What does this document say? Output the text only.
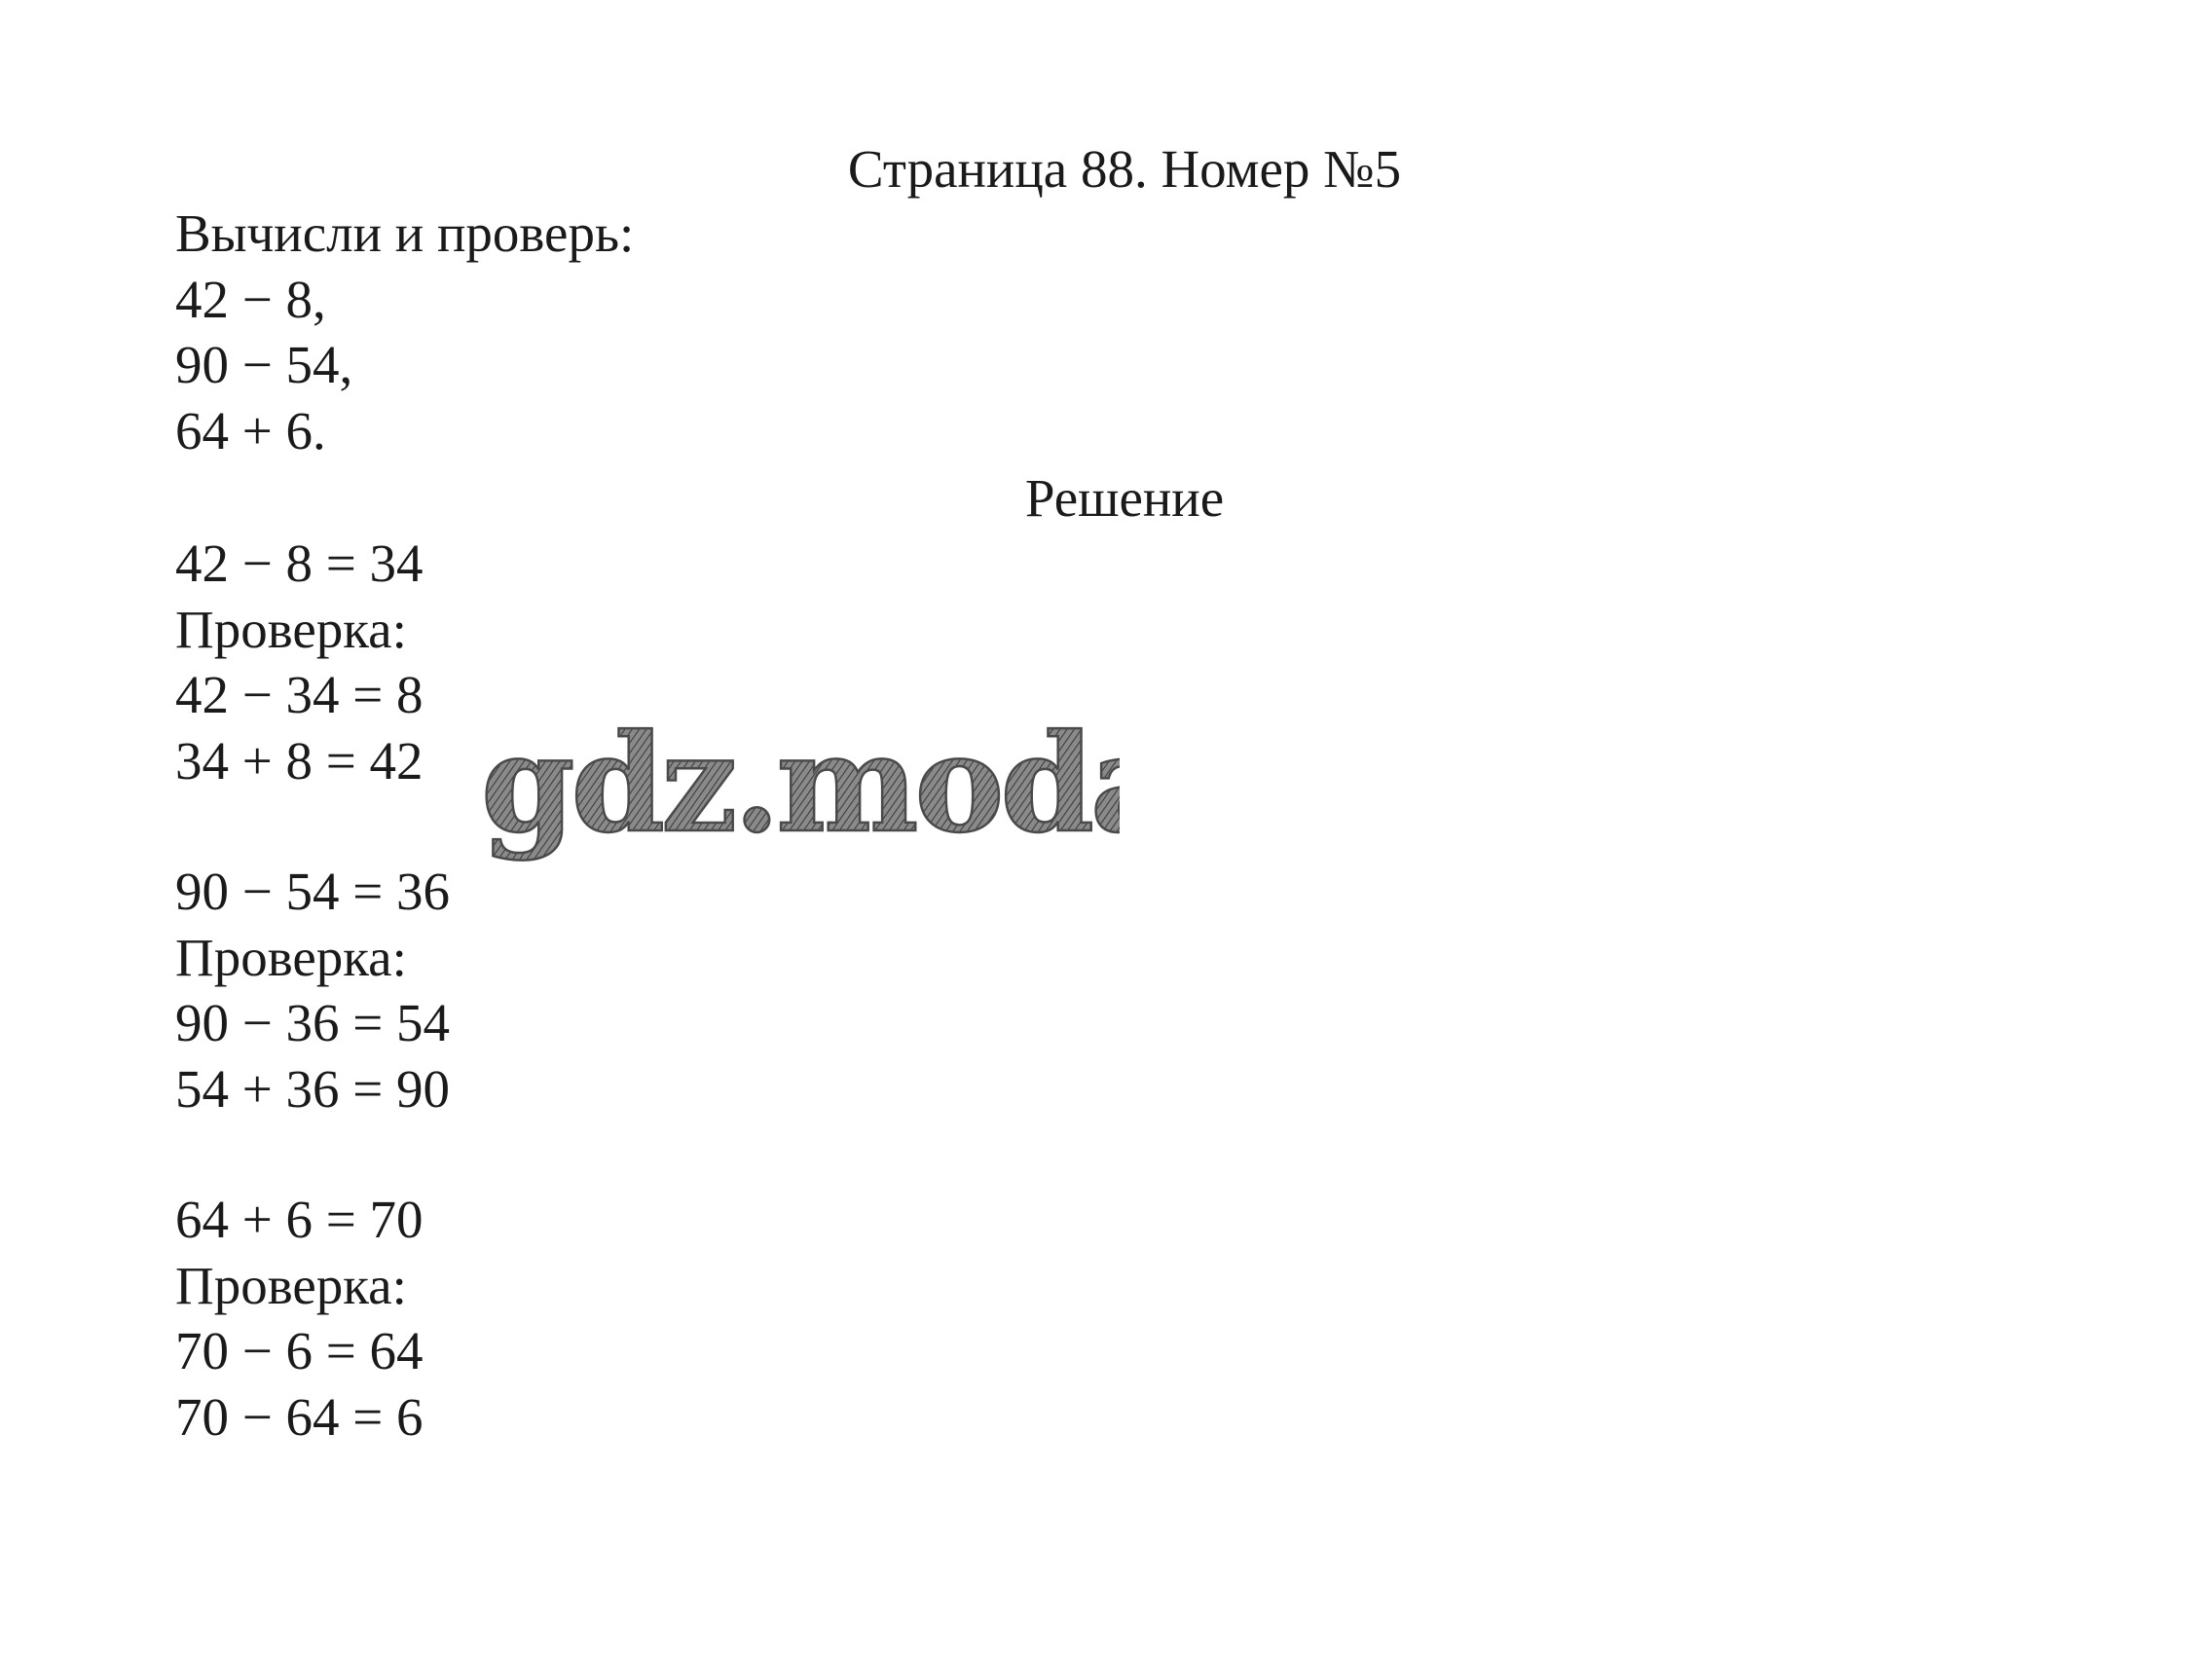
Страница 88. Номер №5
Вычисли и проверь:
42 − 8,
90 − 54,
64 + 6.
Решение
42 − 8 = 34
Проверка:
42 − 34 = 8
34 + 8 = 42
90 − 54 = 36
Проверка:
90 − 36 = 54
54 + 36 = 90
64 + 6 = 70
Проверка:
70 − 6 = 64
70 − 64 = 6
gdz.moda
